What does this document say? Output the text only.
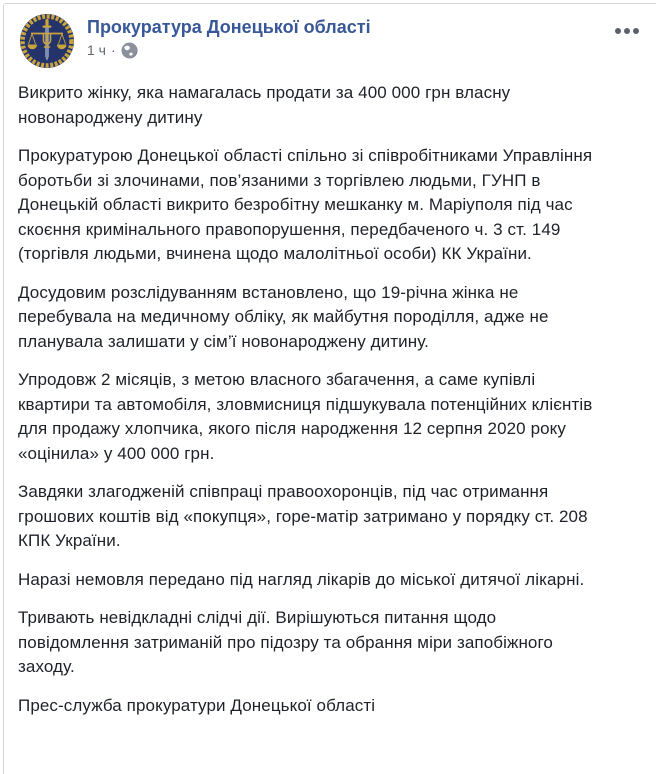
Прокуратура Донецької області
1 ч ·

Викрито жінку, яка намагалась продати за 400 000 грн власну новонароджену дитину

Прокуратурою Донецької області спільно зі співробітниками Управління боротьби зі злочинами, пов’язаними з торгівлею людьми, ГУНП в Донецькій області викрито безробітну мешканку м. Маріуполя під час скоєння кримінального правопорушення, передбаченого ч. 3 ст. 149 (торгівля людьми, вчинена щодо малолітньої особи) КК України.

Досудовим розслідуванням встановлено, що 19-річна жінка не перебувала на медичному обліку, як майбутня породілля, адже не планувала залишати у сім’ї новонароджену дитину.

Упродовж 2 місяців, з метою власного збагачення, а саме купівлі квартири та автомобіля, зловмисниця підшукувала потенційних клієнтів для продажу хлопчика, якого після народження 12 серпня 2020 року «оцінила» у 400 000 грн.

Завдяки злагодженій співпраці правоохоронців, під час отримання грошових коштів від «покупця», горе-матір затримано у порядку ст. 208 КПК України.

Наразі немовля передано під нагляд лікарів до міської дитячої лікарні.

Тривають невідкладні слідчі дії. Вирішуються питання щодо повідомлення затриманій про підозру та обрання міри запобіжного заходу.

Прес-служба прокуратури Донецької області
